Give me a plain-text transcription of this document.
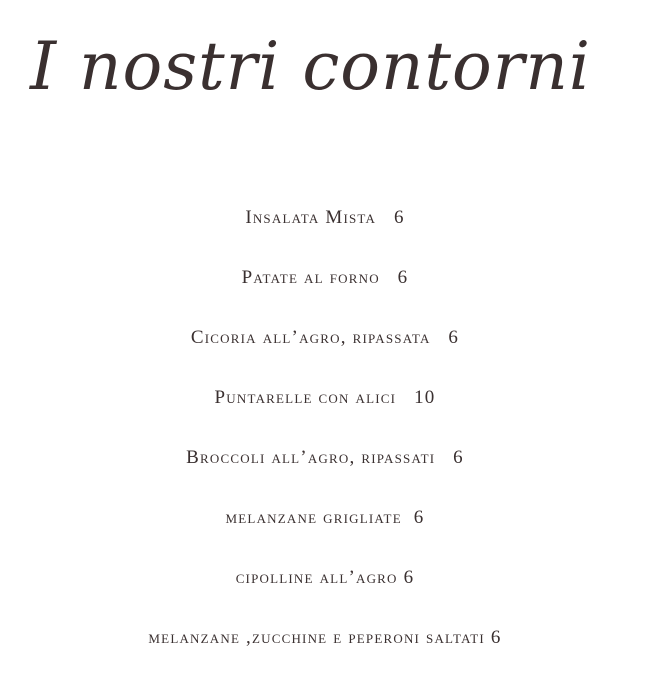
I nostri contorni
Insalata Mista 6
Patate al forno 6
Cicoria all’agro, ripassata 6
Puntarelle con alici 10
Broccoli all’agro, ripassati 6
melanzane grigliate 6
cipolline all’agro 6
melanzane ,zucchine e peperoni saltati 6
